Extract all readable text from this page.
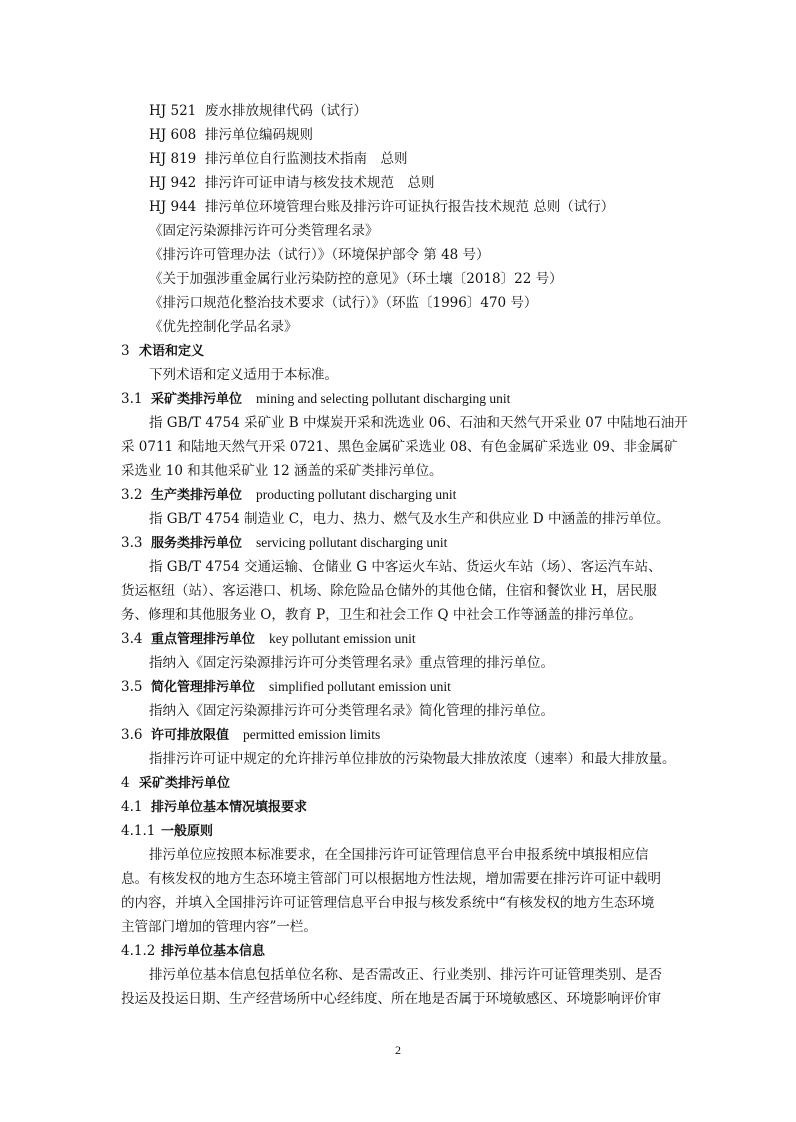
HJ 521 废水排放规律代码（试行）
HJ 608 排污单位编码规则
HJ 819 排污单位自行监测技术指南　总则
HJ 942 排污许可证申请与核发技术规范　总则
HJ 944 排污单位环境管理台账及排污许可证执行报告技术规范 总则（试行）
《固定污染源排污许可分类管理名录》
《排污许可管理办法（试行）》（环境保护部令 第 48 号）
《关于加强涉重金属行业污染防控的意见》（环土壤〔2018〕22 号）
《排污口规范化整治技术要求（试行）》（环监〔1996〕470 号）
《优先控制化学品名录》
3 术语和定义
下列术语和定义适用于本标准。
3.1 采矿类排污单位 mining and selecting pollutant discharging unit
指 GB/T 4754 采矿业 B 中煤炭开采和洗选业 06、石油和天然气开采业 07 中陆地石油开
采 0711 和陆地天然气开采 0721、黑色金属矿采选业 08、有色金属矿采选业 09、非金属矿
采选业 10 和其他采矿业 12 涵盖的采矿类排污单位。
3.2 生产类排污单位 producting pollutant discharging unit
指 GB/T 4754 制造业 C，电力、热力、燃气及水生产和供应业 D 中涵盖的排污单位。
3.3 服务类排污单位 servicing pollutant discharging unit
指 GB/T 4754 交通运输、仓储业 G 中客运火车站、货运火车站（场）、客运汽车站、
货运枢纽（站）、客运港口、机场、除危险品仓储外的其他仓储，住宿和餐饮业 H，居民服
务、修理和其他服务业 O，教育 P，卫生和社会工作 Q 中社会工作等涵盖的排污单位。
3.4 重点管理排污单位 key pollutant emission unit
指纳入《固定污染源排污许可分类管理名录》重点管理的排污单位。
3.5 简化管理排污单位 simplified pollutant emission unit
指纳入《固定污染源排污许可分类管理名录》简化管理的排污单位。
3.6 许可排放限值 permitted emission limits
指排污许可证中规定的允许排污单位排放的污染物最大排放浓度（速率）和最大排放量。
4 采矿类排污单位
4.1 排污单位基本情况填报要求
4.1.1 一般原则
排污单位应按照本标准要求，在全国排污许可证管理信息平台申报系统中填报相应信
息。有核发权的地方生态环境主管部门可以根据地方性法规，增加需要在排污许可证中载明
的内容，并填入全国排污许可证管理信息平台申报与核发系统中“有核发权的地方生态环境
主管部门增加的管理内容”一栏。
4.1.2 排污单位基本信息
排污单位基本信息包括单位名称、是否需改正、行业类别、排污许可证管理类别、是否
投运及投运日期、生产经营场所中心经纬度、所在地是否属于环境敏感区、环境影响评价审
2
